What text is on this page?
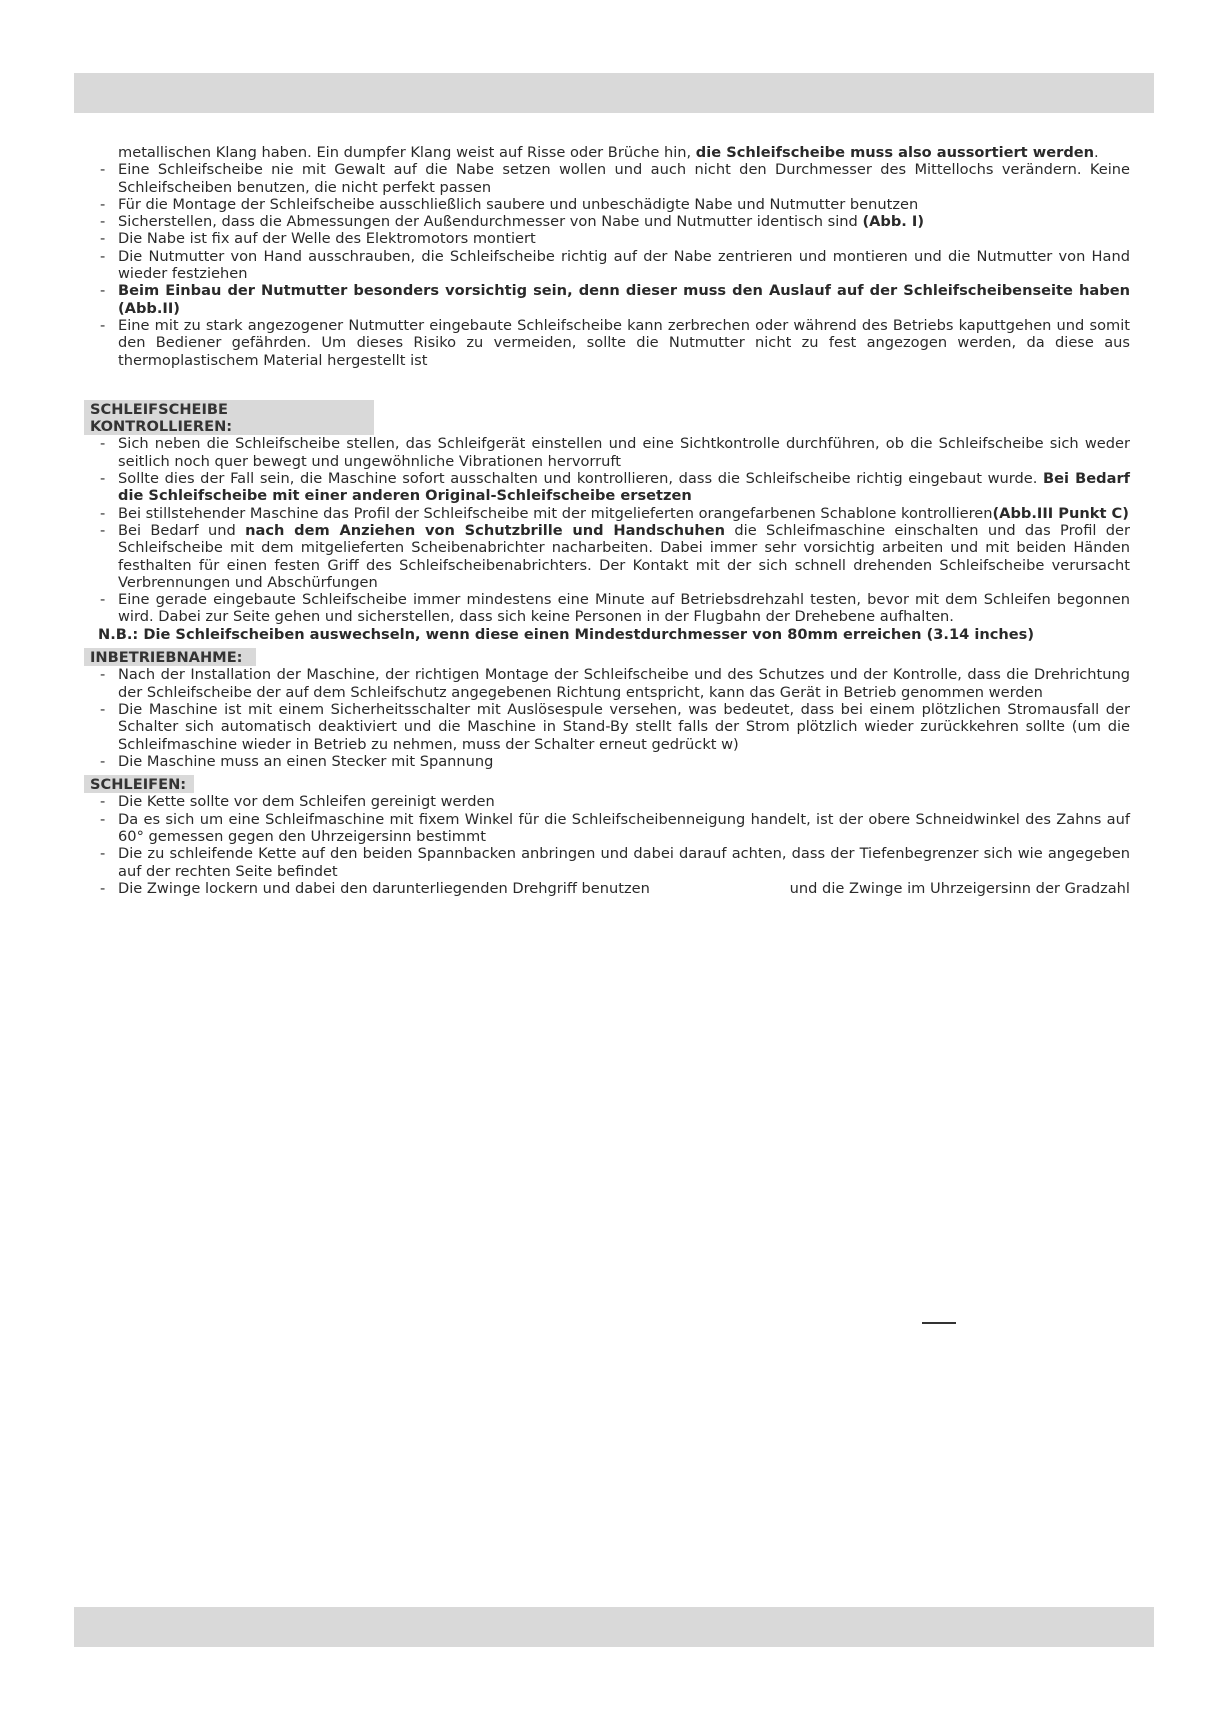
metallischen Klang haben. Ein dumpfer Klang weist auf Risse oder Brüche hin, die Schleifscheibe muss also aussortiert werden.
- Eine Schleifscheibe nie mit Gewalt auf die Nabe setzen wollen und auch nicht den Durchmesser des Mittellochs verändern. Keine Schleifscheiben benutzen, die nicht perfekt passen
- Für die Montage der Schleifscheibe ausschließlich saubere und unbeschädigte Nabe und Nutmutter benutzen
- Sicherstellen, dass die Abmessungen der Außendurchmesser von Nabe und Nutmutter identisch sind (Abb. I)
- Die Nabe ist fix auf der Welle des Elektromotors montiert
- Die Nutmutter von Hand ausschrauben, die Schleifscheibe richtig auf der Nabe zentrieren und montieren und die Nutmutter von Hand wieder festziehen
- Beim Einbau der Nutmutter besonders vorsichtig sein, denn dieser muss den Auslauf auf der Schleifscheibenseite haben (Abb.II)
- Eine mit zu stark angezogener Nutmutter eingebaute Schleifscheibe kann zerbrechen oder während des Betriebs kaputtgehen und somit den Bediener gefährden. Um dieses Risiko zu vermeiden, sollte die Nutmutter nicht zu fest angezogen werden, da diese aus thermoplastischem Material hergestellt ist
SCHLEIFSCHEIBE KONTROLLIEREN:
- Sich neben die Schleifscheibe stellen, das Schleifgerät einstellen und eine Sichtkontrolle durchführen, ob die Schleifscheibe sich weder seitlich noch quer bewegt und ungewöhnliche Vibrationen hervorruft
- Sollte dies der Fall sein, die Maschine sofort ausschalten und kontrollieren, dass die Schleifscheibe richtig eingebaut wurde. Bei Bedarf die Schleifscheibe mit einer anderen Original-Schleifscheibe ersetzen
- Bei stillstehender Maschine das Profil der Schleifscheibe mit der mitgelieferten orangefarbenen Schablone kontrollieren(Abb.III Punkt C)
- Bei Bedarf und nach dem Anziehen von Schutzbrille und Handschuhen die Schleifmaschine einschalten und das Profil der Schleifscheibe mit dem mitgelieferten Scheibenabrichter nacharbeiten. Dabei immer sehr vorsichtig arbeiten und mit beiden Händen festhalten für einen festen Griff des Schleifscheibenabrichters. Der Kontakt mit der sich schnell drehenden Schleifscheibe verursacht Verbrennungen und Abschürfungen
- Eine gerade eingebaute Schleifscheibe immer mindestens eine Minute auf Betriebsdrehzahl testen, bevor mit dem Schleifen begonnen wird. Dabei zur Seite gehen und sicherstellen, dass sich keine Personen in der Flugbahn der Drehebene aufhalten.
N.B.: Die Schleifscheiben auswechseln, wenn diese einen Mindestdurchmesser von 80mm erreichen (3.14 inches)
INBETRIEBNAHME:
- Nach der Installation der Maschine, der richtigen Montage der Schleifscheibe und des Schutzes und der Kontrolle, dass die Drehrichtung der Schleifscheibe der auf dem Schleifschutz angegebenen Richtung entspricht, kann das Gerät in Betrieb genommen werden
- Die Maschine ist mit einem Sicherheitsschalter mit Auslösespule versehen, was bedeutet, dass bei einem plötzlichen Stromausfall der Schalter sich automatisch deaktiviert und die Maschine in Stand-By stellt falls der Strom plötzlich wieder zurückkehren sollte (um die Schleifmaschine wieder in Betrieb zu nehmen, muss der Schalter erneut gedrückt w)
- Die Maschine muss an einen Stecker mit Spannung
SCHLEIFEN:
- Die Kette sollte vor dem Schleifen gereinigt werden
- Da es sich um eine Schleifmaschine mit fixem Winkel für die Schleifscheibenneigung handelt, ist der obere Schneidwinkel des Zahns auf 60° gemessen gegen den Uhrzeigersinn bestimmt
- Die zu schleifende Kette auf den beiden Spannbacken anbringen und dabei darauf achten, dass der Tiefenbegrenzer sich wie angegeben auf der rechten Seite befindet
- Die Zwinge lockern und dabei den darunterliegenden Drehgriff benutzen	und die Zwinge im Uhrzeigersinn der Gradzahl
